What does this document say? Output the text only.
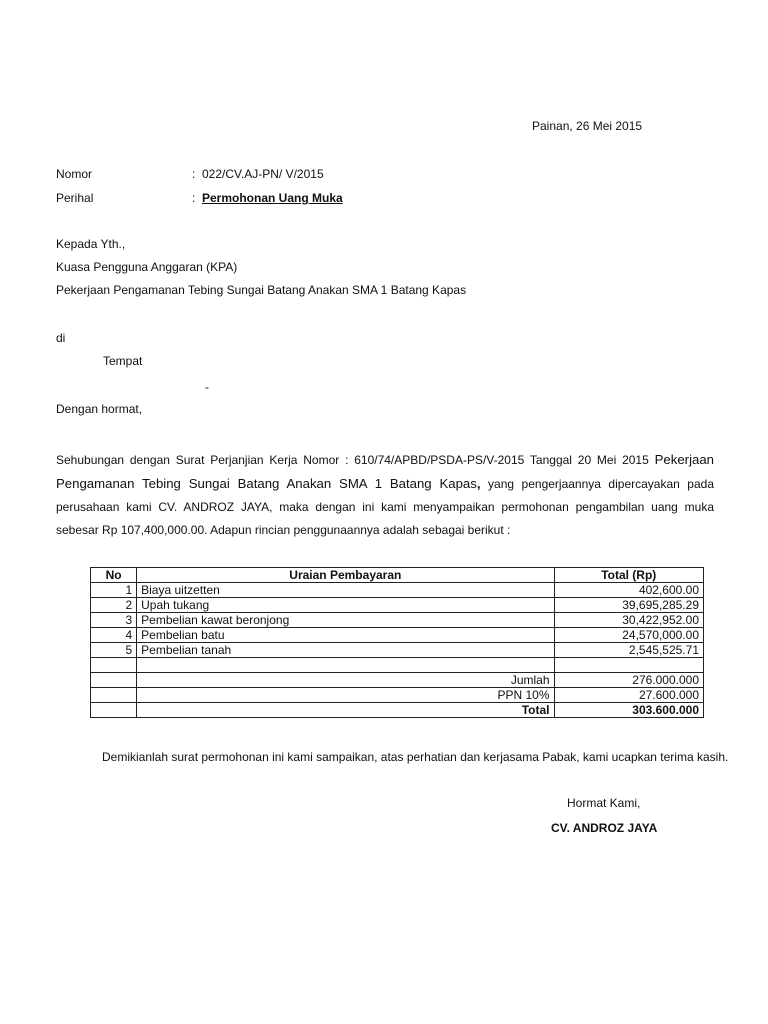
Painan, 26 Mei 2015
Nomor	: 022/CV.AJ-PN/ V/2015
Perihal	: Permohonan Uang Muka
Kepada Yth.,
Kuasa Pengguna Anggaran (KPA)
Pekerjaan Pengamanan Tebing Sungai Batang Anakan SMA 1 Batang Kapas
di
Tempat
-
Dengan hormat,
Sehubungan dengan Surat Perjanjian Kerja Nomor : 610/74/APBD/PSDA-PS/V-2015 Tanggal 20 Mei 2015 Pekerjaan Pengamanan Tebing Sungai Batang Anakan SMA 1 Batang Kapas, yang pengerjaannya dipercayakan pada perusahaan kami CV. ANDROZ JAYA, maka dengan ini kami menyampaikan permohonan pengambilan uang muka sebesar Rp 107,400,000.00. Adapun rincian penggunaannya adalah sebagai berikut :
No	Uraian Pembayaran	Total (Rp)
1	Biaya uitzetten	402,600.00
2	Upah tukang	39,695,285.29
3	Pembelian kawat beronjong	30,422,952.00
4	Pembelian batu	24,570,000.00
5	Pembelian tanah	2,545,525.71

	Jumlah	276.000.000
	PPN 10%	27.600.000
	Total	303.600.000
Demikianlah surat permohonan ini kami sampaikan, atas perhatian dan kerjasama Pabak, kami ucapkan terima kasih.
Hormat Kami,
CV. ANDROZ JAYA
